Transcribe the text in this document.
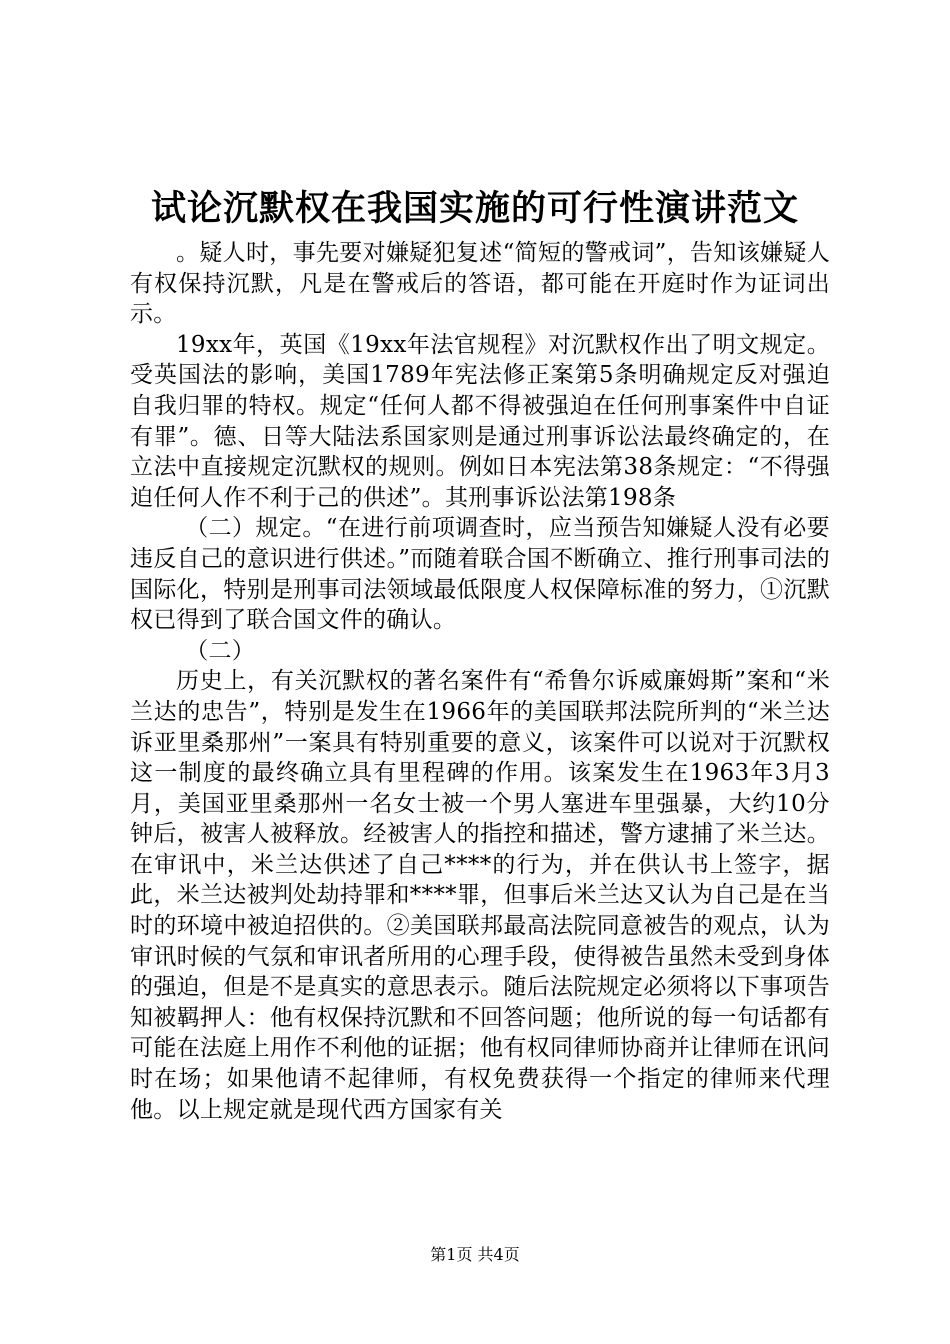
试论沉默权在我国实施的可行性演讲范文

。疑人时，事先要对嫌疑犯复述“简短的警戒词”，告知该嫌疑人有权保持沉默，凡是在警戒后的答语，都可能在开庭时作为证词出示。

19xx年，英国《19xx年法官规程》对沉默权作出了明文规定。受英国法的影响，美国1789年宪法修正案第5条明确规定反对强迫自我归罪的特权。规定“任何人都不得被强迫在任何刑事案件中自证有罪”。德、日等大陆法系国家则是通过刑事诉讼法最终确定的，在立法中直接规定沉默权的规则。例如日本宪法第38条规定：“不得强迫任何人作不利于己的供述”。其刑事诉讼法第198条

（二）规定。“在进行前项调查时，应当预告知嫌疑人没有必要违反自己的意识进行供述。”而随着联合国不断确立、推行刑事司法的国际化，特别是刑事司法领域最低限度人权保障标准的努力，①沉默权已得到了联合国文件的确认。

（二）

历史上，有关沉默权的著名案件有“希鲁尔诉威廉姆斯”案和“米兰达的忠告”，特别是发生在1966年的美国联邦法院所判的“米兰达诉亚里桑那州”一案具有特别重要的意义，该案件可以说对于沉默权这一制度的最终确立具有里程碑的作用。该案发生在1963年3月3月，美国亚里桑那州一名女士被一个男人塞进车里强暴，大约10分钟后，被害人被释放。经被害人的指控和描述，警方逮捕了米兰达。在审讯中，米兰达供述了自己****的行为，并在供认书上签字，据此，米兰达被判处劫持罪和****罪，但事后米兰达又认为自己是在当时的环境中被迫招供的。②美国联邦最高法院同意被告的观点，认为审讯时候的气氛和审讯者所用的心理手段，使得被告虽然未受到身体的强迫，但是不是真实的意思表示。随后法院规定必须将以下事项告知被羁押人：他有权保持沉默和不回答问题；他所说的每一句话都有可能在法庭上用作不利他的证据；他有权同律师协商并让律师在讯问时在场；如果他请不起律师，有权免费获得一个指定的律师来代理他。以上规定就是现代西方国家有关

第1页 共4页
